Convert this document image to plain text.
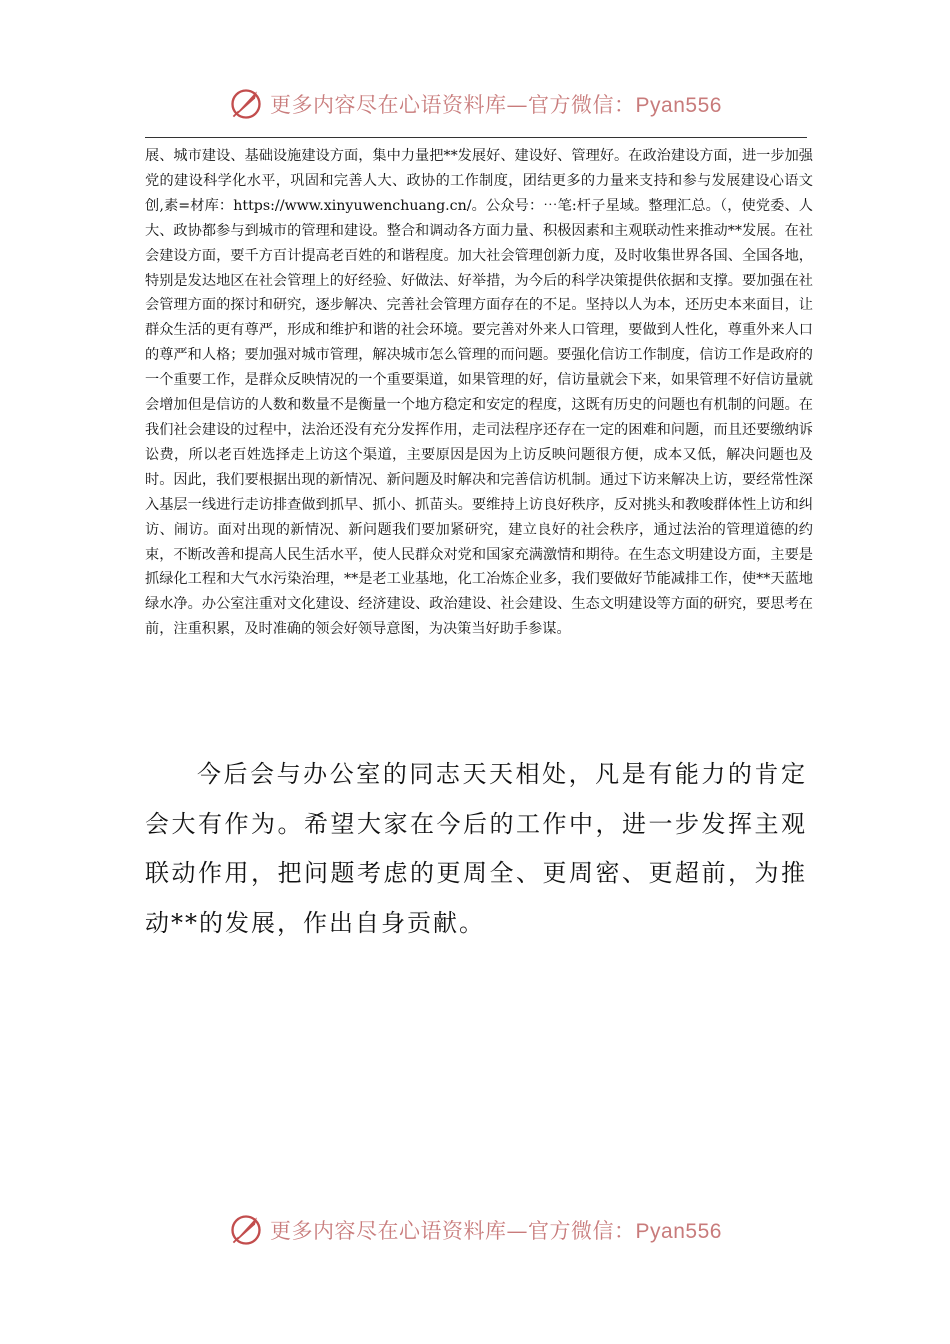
更多内容尽在心语资料库—官方微信：Pyan556

展、城市建设、基础设施建设方面，集中力量把**发展好、建设好、管理好。在政治建设方面，进一步加强党的建设科学化水平，巩固和完善人大、政协的工作制度，团结更多的力量来支持和参与发展建设心语文创,素=材库：https://www.xinyuwenchuang.cn/。公众号：⋯笔:杆子星域。整理汇总。（，使党委、人大、政协都参与到城市的管理和建设。整合和调动各方面力量、积极因素和主观联动性来推动**发展。在社会建设方面，要千方百计提高老百姓的和谐程度。加大社会管理创新力度，及时收集世界各国、全国各地，特别是发达地区在社会管理上的好经验、好做法、好举措，为今后的科学决策提供依据和支撑。要加强在社会管理方面的探讨和研究，逐步解决、完善社会管理方面存在的不足。坚持以人为本，还历史本来面目，让群众生活的更有尊严，形成和维护和谐的社会环境。要完善对外来人口管理，要做到人性化，尊重外来人口的尊严和人格；要加强对城市管理，解决城市怎么管理的而问题。要强化信访工作制度，信访工作是政府的一个重要工作，是群众反映情况的一个重要渠道，如果管理的好，信访量就会下来，如果管理不好信访量就会增加但是信访的人数和数量不是衡量一个地方稳定和安定的程度，这既有历史的问题也有机制的问题。在我们社会建设的过程中，法治还没有充分发挥作用，走司法程序还存在一定的困难和问题，而且还要缴纳诉讼费，所以老百姓选择走上访这个渠道，主要原因是因为上访反映问题很方便，成本又低，解决问题也及时。因此，我们要根据出现的新情况、新问题及时解决和完善信访机制。通过下访来解决上访，要经常性深入基层一线进行走访排查做到抓早、抓小、抓苗头。要维持上访良好秩序，反对挑头和教唆群体性上访和纠访、闹访。面对出现的新情况、新问题我们要加紧研究，建立良好的社会秩序，通过法治的管理道德的约束，不断改善和提高人民生活水平，使人民群众对党和国家充满激情和期待。在生态文明建设方面，主要是抓绿化工程和大气水污染治理，**是老工业基地，化工冶炼企业多，我们要做好节能减排工作，使**天蓝地绿水净。办公室注重对文化建设、经济建设、政治建设、社会建设、生态文明建设等方面的研究，要思考在前，注重积累，及时准确的领会好领导意图，为决策当好助手参谋。

今后会与办公室的同志天天相处，凡是有能力的肯定会大有作为。希望大家在今后的工作中，进一步发挥主观联动作用，把问题考虑的更周全、更周密、更超前，为推动**的发展，作出自身贡献。

更多内容尽在心语资料库—官方微信：Pyan556
